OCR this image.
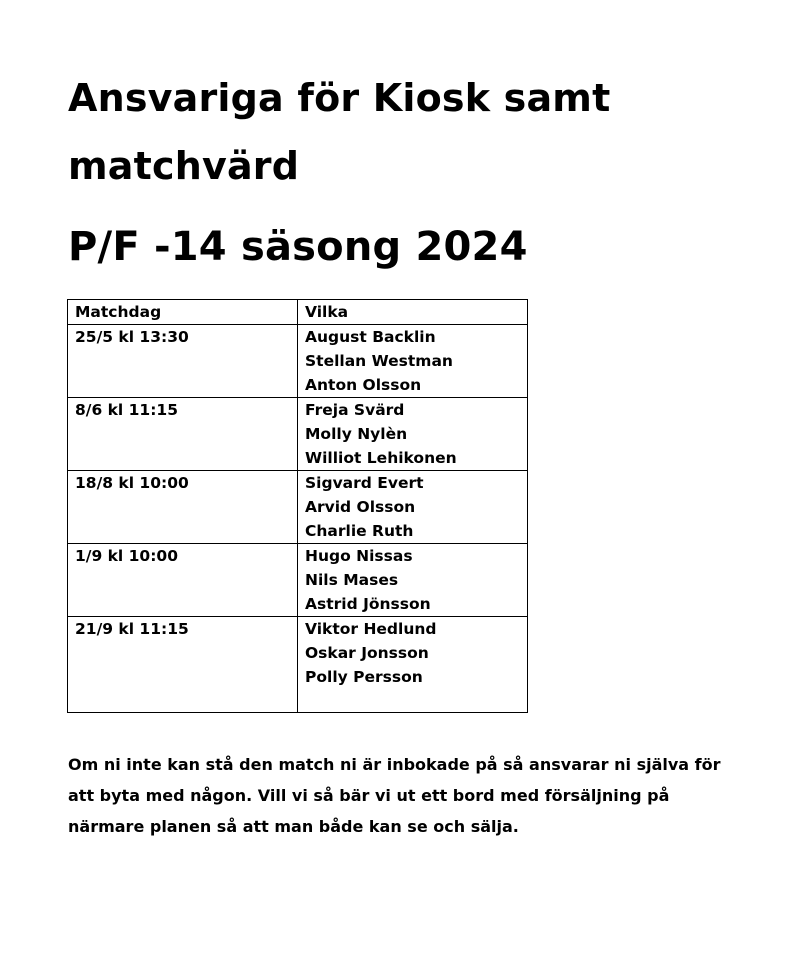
Ansvariga för Kiosk samt
matchvärd
P/F -14 säsong 2024
Matchdag	Vilka
25/5 kl 13:30	August Backlin
Stellan Westman
Anton Olsson

8/6 kl 11:15	Freja Svärd
Molly Nylèn
Williot Lehikonen

18/8 kl 10:00	Sigvard Evert
Arvid Olsson
Charlie Ruth

1/9 kl 10:00	Hugo Nissas
Nils Mases
Astrid Jönsson

21/9 kl 11:15	Viktor Hedlund
Oskar Jonsson
Polly Persson

Om ni inte kan stå den match ni är inbokade på så ansvarar ni själva för att byta med någon. Vill vi så bär vi ut ett bord med försäljning på närmare planen så att man både kan se och sälja.
